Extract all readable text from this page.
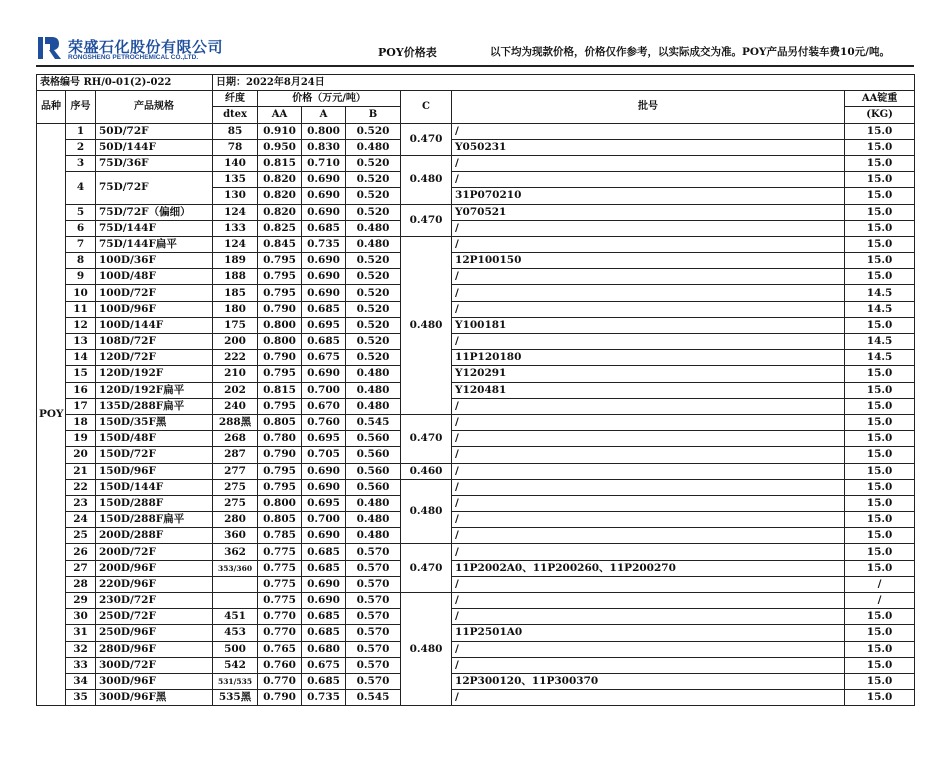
荣盛石化股份有限公司
RONGSHENG PETROCHEMICAL CO.,LTD.	POY价格表	以下均为现款价格，价格仅作参考，以实际成交为准。POY产品另付装车费10元/吨。
表格编号 RH/0-01(2)-022			日期：2022年8月24日						
品种	序号	产品规格	纤度	价格（万元/吨）			C	批号	AA锭重
			dtex	AA	A	B			(KG)
POY	1	50D/72F	85	0.910	0.800	0.520	0.470	/	15.0
	2	50D/144F	78	0.950	0.830	0.480		Y050231	15.0
	3	75D/36F	140	0.815	0.710	0.520	0.480	/	15.0
	4	75D/72F	135	0.820	0.690	0.520		/	15.0
			130	0.820	0.690	0.520		31P070210	15.0
	5	75D/72F（偏细）	124	0.820	0.690	0.520	0.470	Y070521	15.0
	6	75D/144F	133	0.825	0.685	0.480		/	15.0
	7	75D/144F扁平	124	0.845	0.735	0.480	0.480	/	15.0
	8	100D/36F	189	0.795	0.690	0.520		12P100150	15.0
	9	100D/48F	188	0.795	0.690	0.520		/	15.0
	10	100D/72F	185	0.795	0.690	0.520		/	14.5
	11	100D/96F	180	0.790	0.685	0.520		/	14.5
	12	100D/144F	175	0.800	0.695	0.520		Y100181	15.0
	13	108D/72F	200	0.800	0.685	0.520		/	14.5
	14	120D/72F	222	0.790	0.675	0.520		11P120180	14.5
	15	120D/192F	210	0.795	0.690	0.480		Y120291	15.0
	16	120D/192F扁平	202	0.815	0.700	0.480		Y120481	15.0
	17	135D/288F扁平	240	0.795	0.670	0.480		/	15.0
	18	150D/35F黑	288黑	0.805	0.760	0.545	0.470	/	15.0
	19	150D/48F	268	0.780	0.695	0.560		/	15.0
	20	150D/72F	287	0.790	0.705	0.560		/	15.0
	21	150D/96F	277	0.795	0.690	0.560	0.460	/	15.0
	22	150D/144F	275	0.795	0.690	0.560	0.480	/	15.0
	23	150D/288F	275	0.800	0.695	0.480		/	15.0
	24	150D/288F扁平	280	0.805	0.700	0.480		/	15.0
	25	200D/288F	360	0.785	0.690	0.480		/	15.0
	26	200D/72F	362	0.775	0.685	0.570	0.470	/	15.0
	27	200D/96F	353/360	0.775	0.685	0.570		11P2002A0、11P200260、11P200270	15.0
	28	220D/96F		0.775	0.690	0.570		/	/
	29	230D/72F		0.775	0.690	0.570	0.480	/	/
	30	250D/72F	451	0.770	0.685	0.570		/	15.0
	31	250D/96F	453	0.770	0.685	0.570		11P2501A0	15.0
	32	280D/96F	500	0.765	0.680	0.570		/	15.0
	33	300D/72F	542	0.760	0.675	0.570		/	15.0
	34	300D/96F	531/535	0.770	0.685	0.570		12P300120、11P300370	15.0
	35	300D/96F黑	535黑	0.790	0.735	0.545		/	15.0
